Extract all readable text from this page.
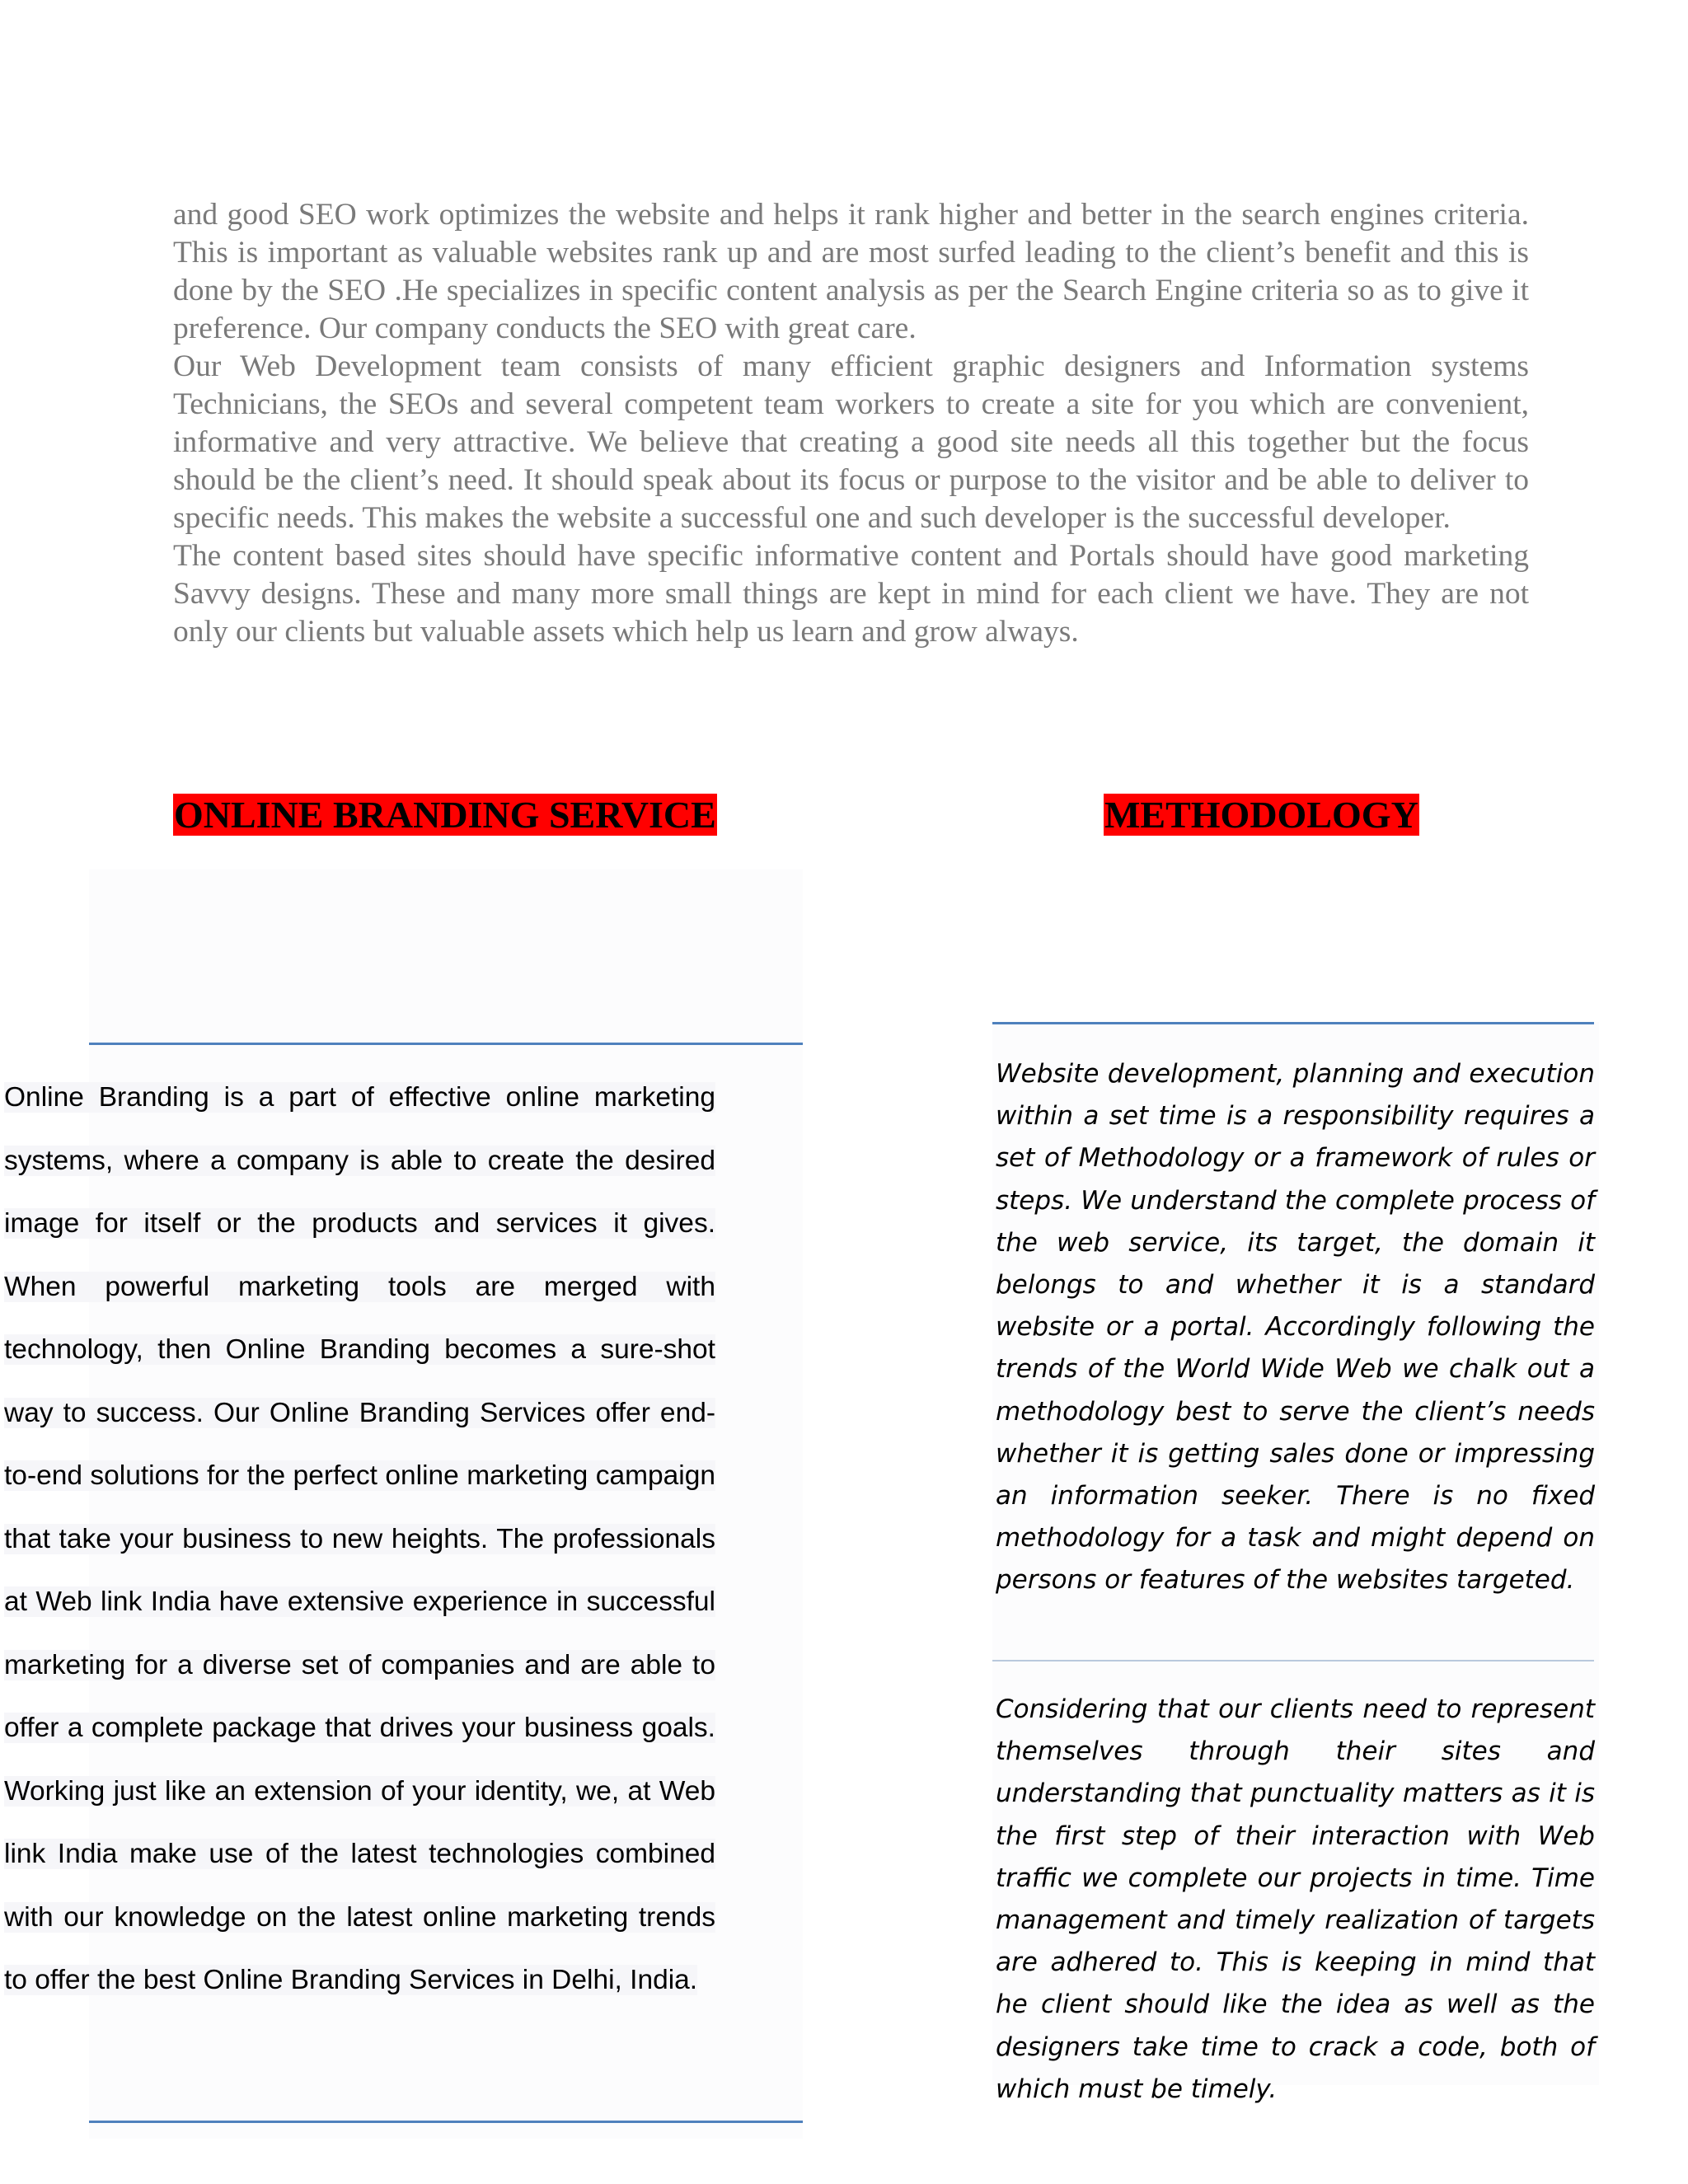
and good SEO work optimizes the website and helps it rank higher and better in the search engines criteria. This is important as valuable websites rank up and are most surfed leading to the client’s benefit and this is done by the SEO .He specializes in specific content analysis as per the Search Engine criteria so as to give it preference. Our company conducts the SEO with great care.

Our Web Development team consists of many efficient graphic designers and Information systems Technicians, the SEOs and several competent team workers to create a site for you which are convenient, informative and very attractive. We believe that creating a good site needs all this together but the focus should be the client’s need. It should speak about its focus or purpose to the visitor and be able to deliver to specific needs. This makes the website a successful one and such developer is the successful developer.

The content based sites should have specific informative content and Portals should have good marketing Savvy designs. These and many more small things are kept in mind for each client we have. They are not only our clients but valuable assets which help us learn and grow always.

ONLINE BRANDING SERVICE	METHODOLOGY

Online Branding is a part of effective online marketing systems, where a company is able to create the desired image for itself or the products and services it gives. When powerful marketing tools are merged with technology, then Online Branding becomes a sure-shot way to success. Our Online Branding Services offer end-to-end solutions for the perfect online marketing campaign that take your business to new heights. The professionals at Web link India have extensive experience in successful marketing for a diverse set of companies and are able to offer a complete package that drives your business goals. Working just like an extension of your identity, we, at Web link India make use of the latest technologies combined with our knowledge on the latest online marketing trends to offer the best Online Branding Services in Delhi, India.

Website development, planning and execution within a set time is a responsibility requires a set of Methodology or a framework of rules or steps. We understand the complete process of the web service, its target, the domain it belongs to and whether it is a standard website or a portal. Accordingly following the trends of the World Wide Web we chalk out a methodology best to serve the client’s needs whether it is getting sales done or impressing an information seeker. There is no fixed methodology for a task and might depend on persons or features of the websites targeted.

Considering that our clients need to represent themselves through their sites and understanding that punctuality matters as it is the first step of their interaction with Web traffic we complete our projects in time. Time management and timely realization of targets are adhered to. This is keeping in mind that he client should like the idea as well as the designers take time to crack a code, both of which must be timely.
